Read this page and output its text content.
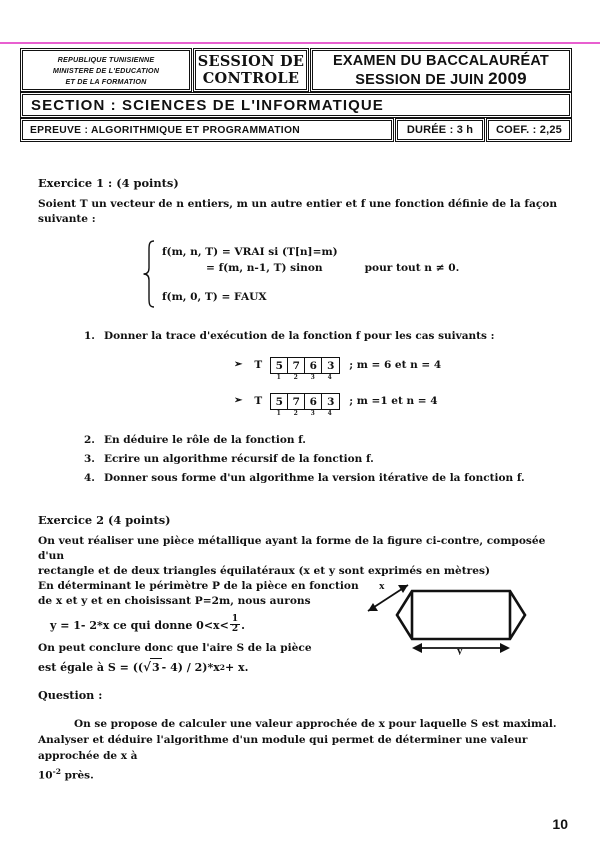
REPUBLIQUE TUNISIENNE
MINISTERE DE L'EDUCATION
ET DE LA FORMATION
SESSION DE
CONTROLE
EXAMEN DU BACCALAURÉAT
SESSION DE JUIN 2009
SECTION : SCIENCES DE L'INFORMATIQUE
EPREUVE : ALGORITHMIQUE ET PROGRAMMATION	DURÉE : 3 h COEF. : 2,25

Exercice 1 : (4 points)

Soient T un vecteur de n entiers, m un autre entier et f une fonction définie de la façon suivante :

f(m, n, T) = VRAI si (T[n]=m)
= f(m, n-1, T) sinon	pour tout n ≠ 0.
f(m, 0, T) = FAUX
1. Donner la trace d'exécution de la fonction f pour les cas suivants :
➢ T	5 7 6 3
1	2	3	4
; m = 6 et n = 4
➢ T	5 7 6 3
1	2	3	4
; m =1 et n = 4
2. En déduire le rôle de la fonction f.
3. Ecrire un algorithme récursif de la fonction f.
4. Donner sous forme d'un algorithme la version itérative de la fonction f.

Exercice 2 (4 points)

On veut réaliser une pièce métallique ayant la forme de la figure ci-contre, composée d'un

rectangle et de deux triangles équilatéraux (x et y sont exprimés en mètres)

En déterminant le périmètre P de la pièce en fonction

de x et y et en choisissant P=2m, nous aurons

y = 1- 2*x ce qui donne $0<x< \frac{1}{2}$ .

On peut conclure donc que l'aire S de la pièce

est égale à S = (( √ 3 - 4) / 2)*x 2 + x.
x
y

Question :

On se propose de calculer une valeur approchée de x pour laquelle S est maximal.

Analyser et déduire l'algorithme d'un module qui permet de déterminer une valeur approchée de x à

$10^{-2}$ près.

10
